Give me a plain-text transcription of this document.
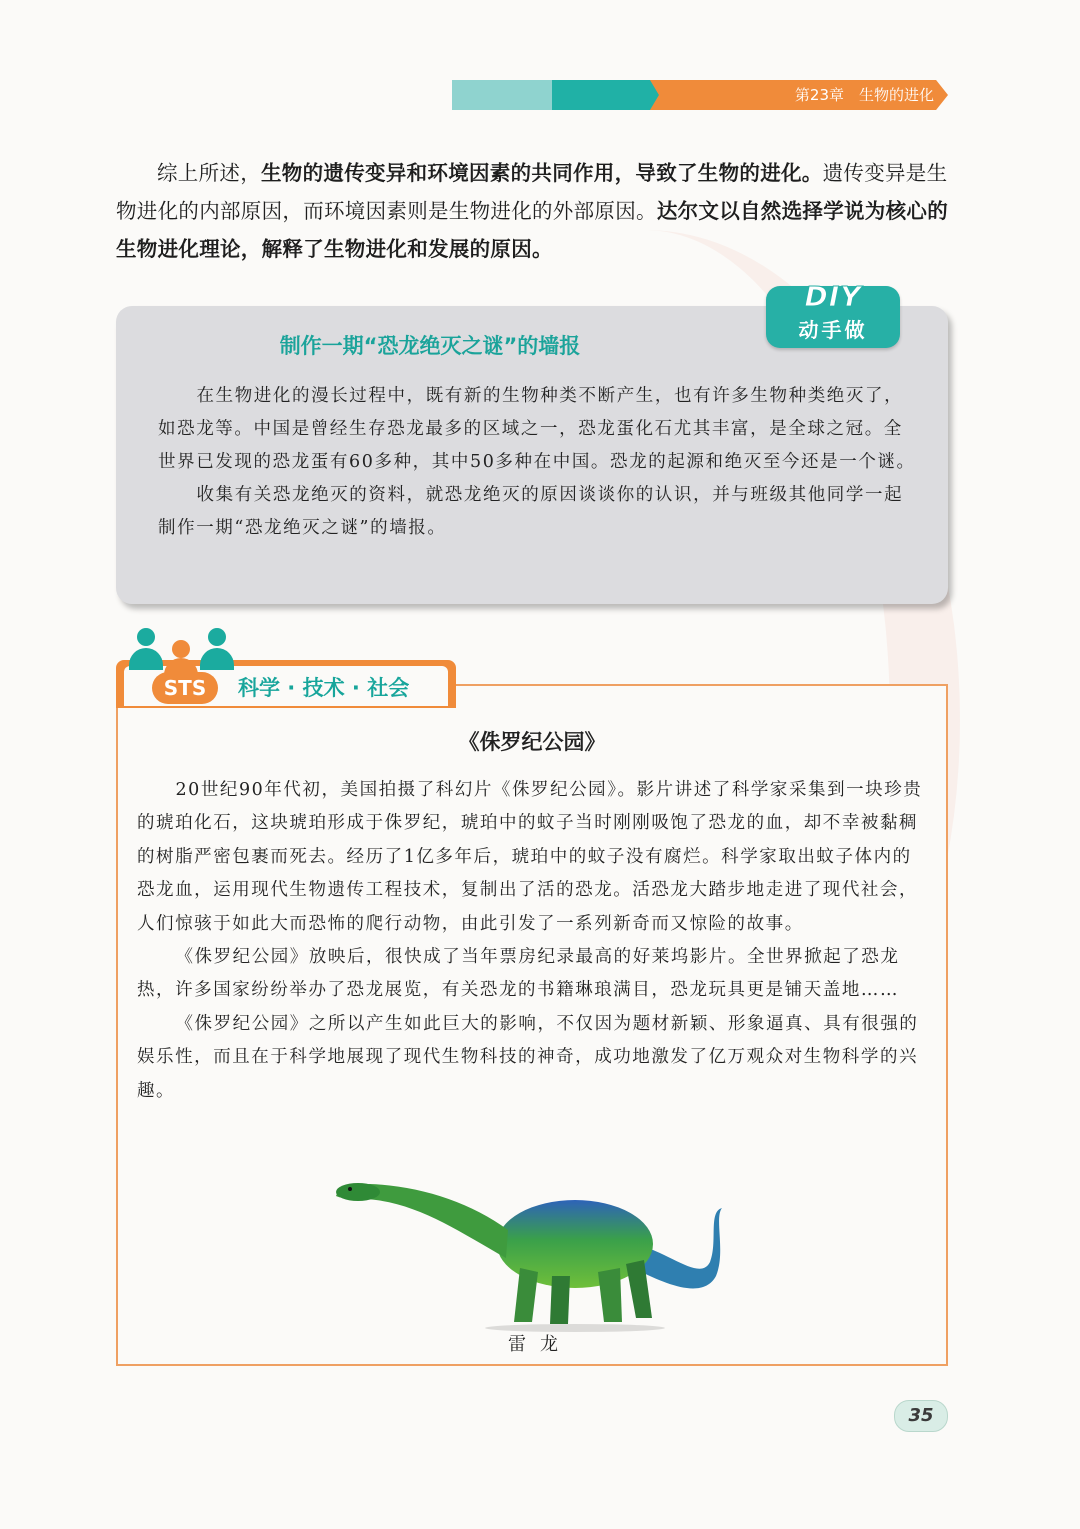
第23章　生物的进化

综上所述，生物的遗传变异和环境因素的共同作用，导致了生物的进化。遗传变异是生物进化的内部原因，而环境因素则是生物进化的外部原因。达尔文以自然选择学说为核心的生物进化理论，解释了生物进化和发展的原因。

DIY
动手做
制作一期“恐龙绝灭之谜”的墙报

在生物进化的漫长过程中，既有新的生物种类不断产生，也有许多生物种类绝灭了，如恐龙等。中国是曾经生存恐龙最多的区域之一，恐龙蛋化石尤其丰富，是全球之冠。全世界已发现的恐龙蛋有60多种，其中50多种在中国。恐龙的起源和绝灭至今还是一个谜。

收集有关恐龙绝灭的资料，就恐龙绝灭的原因谈谈你的认识，并与班级其他同学一起制作一期“恐龙绝灭之谜”的墙报。

STS	科学 · 技术 · 社会
《侏罗纪公园》

20世纪90年代初，美国拍摄了科幻片《侏罗纪公园》。影片讲述了科学家采集到一块珍贵的琥珀化石，这块琥珀形成于侏罗纪，琥珀中的蚊子当时刚刚吸饱了恐龙的血，却不幸被黏稠的树脂严密包裹而死去。经历了1亿多年后，琥珀中的蚊子没有腐烂。科学家取出蚊子体内的恐龙血，运用现代生物遗传工程技术，复制出了活的恐龙。活恐龙大踏步地走进了现代社会，人们惊骇于如此大而恐怖的爬行动物，由此引发了一系列新奇而又惊险的故事。

《侏罗纪公园》放映后，很快成了当年票房纪录最高的好莱坞影片。全世界掀起了恐龙热，许多国家纷纷举办了恐龙展览，有关恐龙的书籍琳琅满目，恐龙玩具更是铺天盖地……

《侏罗纪公园》之所以产生如此巨大的影响，不仅因为题材新颖、形象逼真、具有很强的娱乐性，而且在于科学地展现了现代生物科技的神奇，成功地激发了亿万观众对生物科学的兴趣。

雷龙
35
